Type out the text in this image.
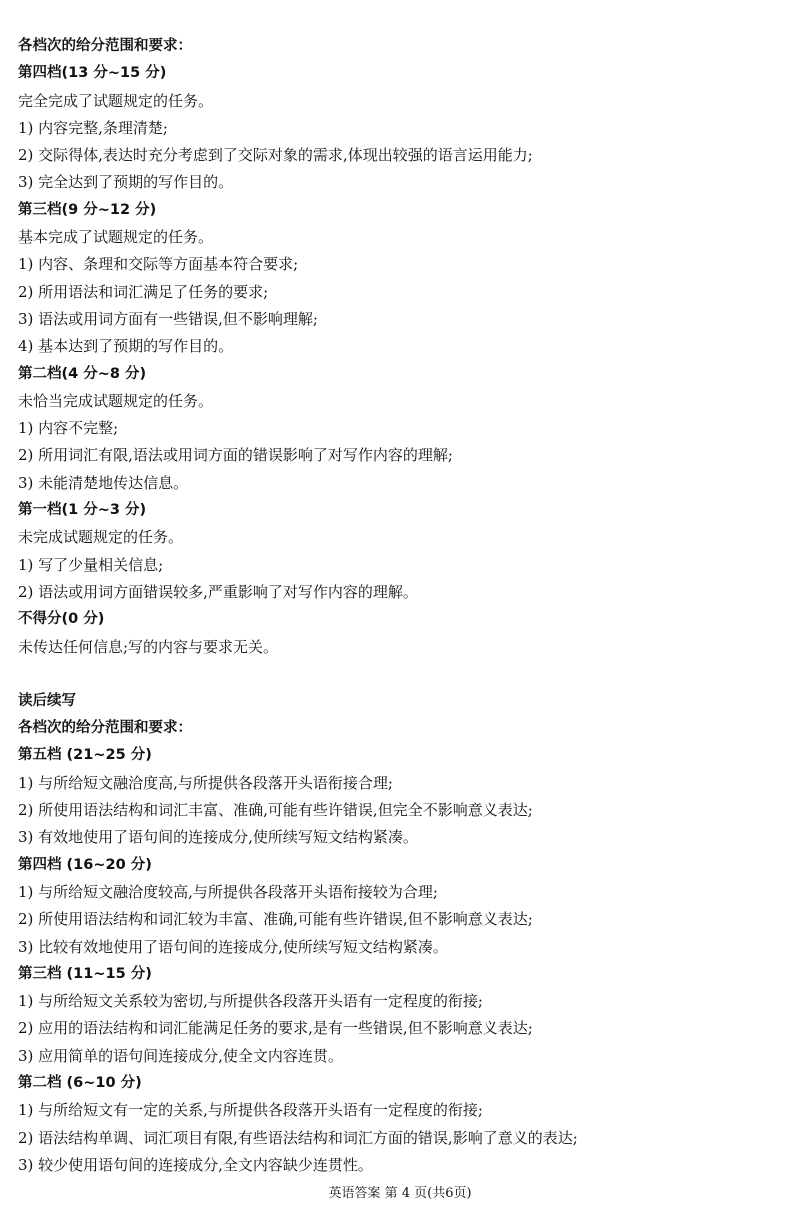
各档次的给分范围和要求：
第四档(13 分~15 分)
完全完成了试题规定的任务。
1) 内容完整,条理清楚;
2) 交际得体,表达时充分考虑到了交际对象的需求,体现出较强的语言运用能力;
3) 完全达到了预期的写作目的。
第三档(9 分~12 分)
基本完成了试题规定的任务。
1) 内容、条理和交际等方面基本符合要求;
2) 所用语法和词汇满足了任务的要求;
3) 语法或用词方面有一些错误,但不影响理解;
4) 基本达到了预期的写作目的。
第二档(4 分~8 分)
未恰当完成试题规定的任务。
1) 内容不完整;
2) 所用词汇有限,语法或用词方面的错误影响了对写作内容的理解;
3) 未能清楚地传达信息。
第一档(1 分~3 分)
未完成试题规定的任务。
1) 写了少量相关信息;
2) 语法或用词方面错误较多,严重影响了对写作内容的理解。
不得分(0 分)
未传达任何信息;写的内容与要求无关。
读后续写
各档次的给分范围和要求：
第五档 (21~25 分)
1) 与所给短文融洽度高,与所提供各段落开头语衔接合理;
2) 所使用语法结构和词汇丰富、准确,可能有些许错误,但完全不影响意义表达;
3) 有效地使用了语句间的连接成分,使所续写短文结构紧凑。
第四档 (16~20 分)
1) 与所给短文融洽度较高,与所提供各段落开头语衔接较为合理;
2) 所使用语法结构和词汇较为丰富、准确,可能有些许错误,但不影响意义表达;
3) 比较有效地使用了语句间的连接成分,使所续写短文结构紧凑。
第三档 (11~15 分)
1) 与所给短文关系较为密切,与所提供各段落开头语有一定程度的衔接;
2) 应用的语法结构和词汇能满足任务的要求,是有一些错误,但不影响意义表达;
3) 应用简单的语句间连接成分,使全文内容连贯。
第二档 (6~10 分)
1) 与所给短文有一定的关系,与所提供各段落开头语有一定程度的衔接;
2) 语法结构单调、词汇项目有限,有些语法结构和词汇方面的错误,影响了意义的表达;
3) 较少使用语句间的连接成分,全文内容缺少连贯性。
英语答案 第 4 页(共6页)
